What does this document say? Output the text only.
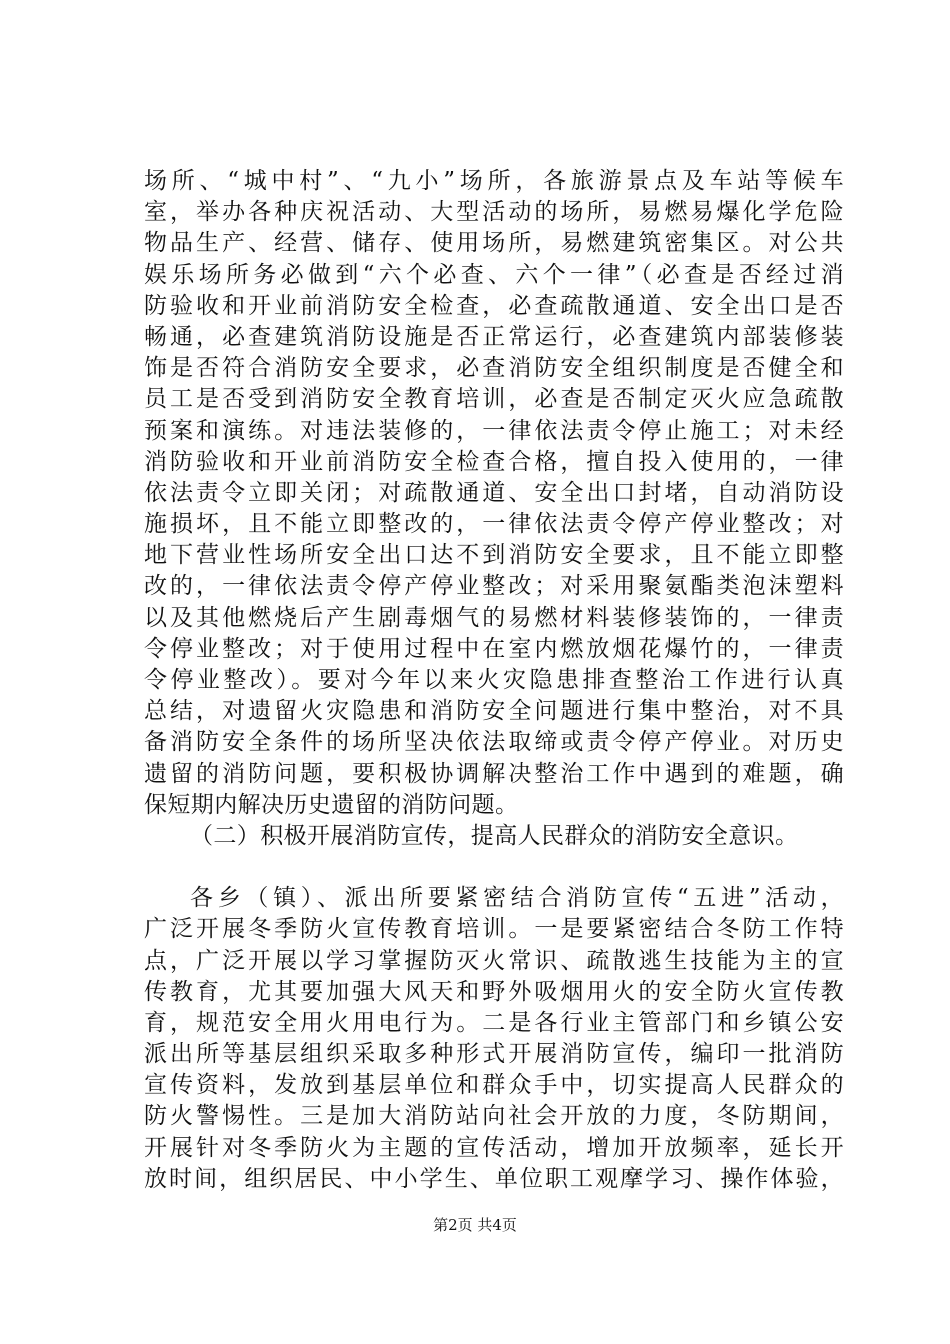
场所、“城中村”、“九小”场所，各旅游景点及车站等候车
室，举办各种庆祝活动、大型活动的场所，易燃易爆化学危险
物品生产、经营、储存、使用场所，易燃建筑密集区。对公共
娱乐场所务必做到“六个必查、六个一律”（必查是否经过消
防验收和开业前消防安全检查，必查疏散通道、安全出口是否
畅通，必查建筑消防设施是否正常运行，必查建筑内部装修装
饰是否符合消防安全要求，必查消防安全组织制度是否健全和
员工是否受到消防安全教育培训，必查是否制定灭火应急疏散
预案和演练。对违法装修的，一律依法责令停止施工；对未经
消防验收和开业前消防安全检查合格，擅自投入使用的，一律
依法责令立即关闭；对疏散通道、安全出口封堵，自动消防设
施损坏，且不能立即整改的，一律依法责令停产停业整改；对
地下营业性场所安全出口达不到消防安全要求，且不能立即整
改的，一律依法责令停产停业整改；对采用聚氨酯类泡沫塑料
以及其他燃烧后产生剧毒烟气的易燃材料装修装饰的，一律责
令停业整改；对于使用过程中在室内燃放烟花爆竹的，一律责
令停业整改）。要对今年以来火灾隐患排查整治工作进行认真
总结，对遗留火灾隐患和消防安全问题进行集中整治，对不具
备消防安全条件的场所坚决依法取缔或责令停产停业。对历史
遗留的消防问题，要积极协调解决整治工作中遇到的难题，确
保短期内解决历史遗留的消防问题。
（二）积极开展消防宣传，提高人民群众的消防安全意识。
各乡（镇）、派出所要紧密结合消防宣传“五进”活动，
广泛开展冬季防火宣传教育培训。一是要紧密结合冬防工作特
点，广泛开展以学习掌握防灭火常识、疏散逃生技能为主的宣
传教育，尤其要加强大风天和野外吸烟用火的安全防火宣传教
育，规范安全用火用电行为。二是各行业主管部门和乡镇公安
派出所等基层组织采取多种形式开展消防宣传，编印一批消防
宣传资料，发放到基层单位和群众手中，切实提高人民群众的
防火警惕性。三是加大消防站向社会开放的力度，冬防期间，
开展针对冬季防火为主题的宣传活动，增加开放频率，延长开
放时间，组织居民、中小学生、单位职工观摩学习、操作体验，
第2页 共4页
